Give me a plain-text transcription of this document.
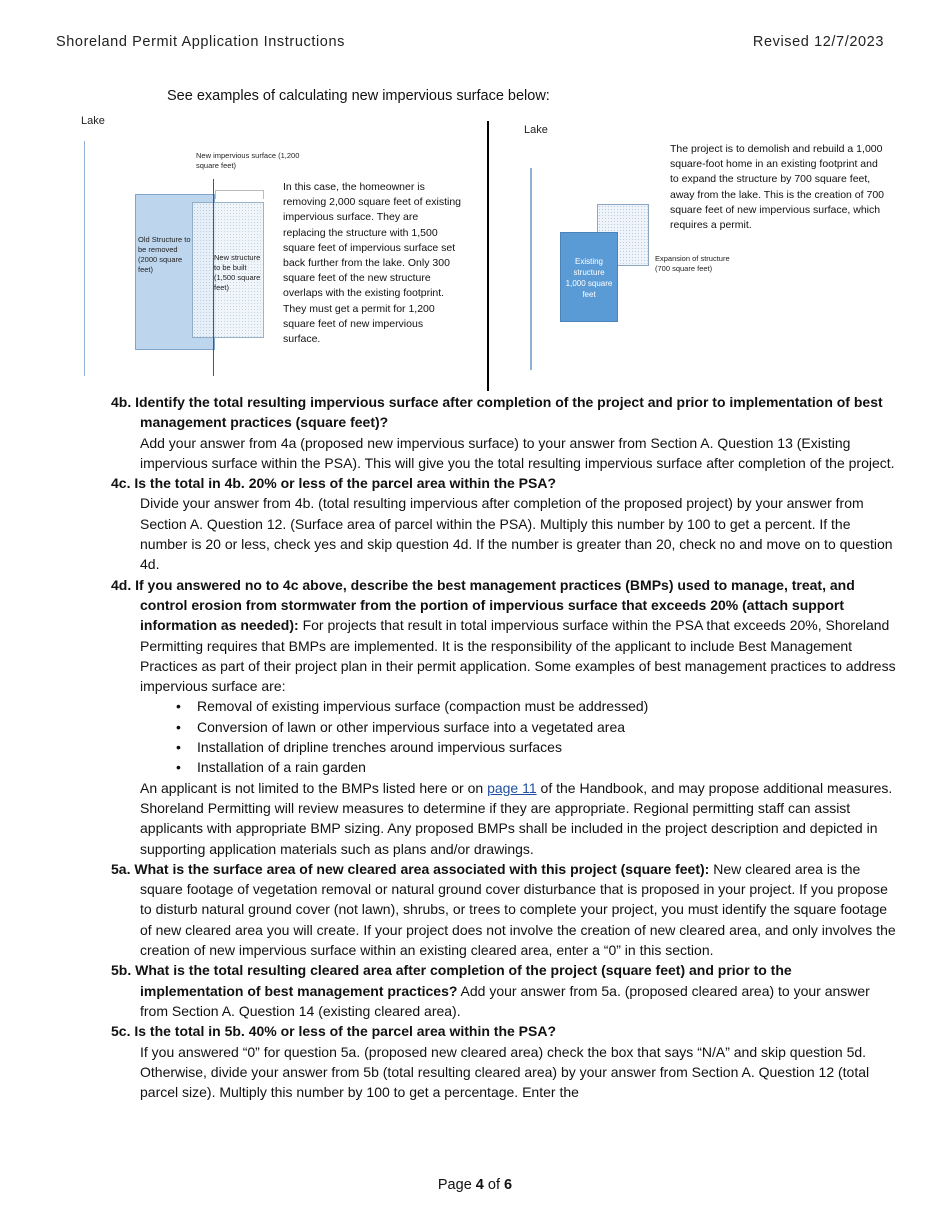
Shoreland Permit Application Instructions	Revised 12/7/2023
See examples of calculating new impervious surface below:
Lake
New impervious surface (1,200 square feet)
Old Structure to be removed (2000 square feet)
New structure to be built (1,500 square feet)
In this case, the homeowner is removing 2,000 square feet of existing impervious surface. They are replacing the structure with 1,500 square feet of impervious surface set back further from the lake. Only 300 square feet of the new structure overlaps with the existing footprint. They must get a permit for 1,200 square feet of new impervious surface.
Lake
Existing structure 1,000 square feet
Expansion of structure (700 square feet)
The project is to demolish and rebuild a 1,000 square-foot home in an existing footprint and to expand the structure by 700 square feet, away from the lake. This is the creation of 700 square feet of new impervious surface, which requires a permit.

4b. Identify the total resulting impervious surface after completion of the project and prior to implementation of best management practices (square feet)?
Add your answer from 4a (proposed new impervious surface) to your answer from Section A. Question 13 (Existing impervious surface within the PSA). This will give you the total resulting impervious surface after completion of the project.

4c. Is the total in 4b. 20% or less of the parcel area within the PSA?
Divide your answer from 4b. (total resulting impervious after completion of the proposed project) by your answer from Section A. Question 12. (Surface area of parcel within the PSA). Multiply this number by 100 to get a percent. If the number is 20 or less, check yes and skip question 4d. If the number is greater than 20, check no and move on to question 4d.

4d. If you answered no to 4c above, describe the best management practices (BMPs) used to manage, treat, and control erosion from stormwater from the portion of impervious surface that exceeds 20% (attach support information as needed): For projects that result in total impervious surface within the PSA that exceeds 20%, Shoreland Permitting requires that BMPs are implemented. It is the responsibility of the applicant to include Best Management Practices as part of their project plan in their permit application. Some examples of best management practices to address impervious surface are:
• Removal of existing impervious surface (compaction must be addressed)
• Conversion of lawn or other impervious surface into a vegetated area
• Installation of dripline trenches around impervious surfaces
• Installation of a rain garden
An applicant is not limited to the BMPs listed here or on page 11 of the Handbook, and may propose additional measures. Shoreland Permitting will review measures to determine if they are appropriate. Regional permitting staff can assist applicants with appropriate BMP sizing. Any proposed BMPs shall be included in the project description and depicted in supporting application materials such as plans and/or drawings.

5a. What is the surface area of new cleared area associated with this project (square feet): New cleared area is the square footage of vegetation removal or natural ground cover disturbance that is proposed in your project. If you propose to disturb natural ground cover (not lawn), shrubs, or trees to complete your project, you must identify the square footage of new cleared area you will create. If your project does not involve the creation of new cleared area, and only involves the creation of new impervious surface within an existing cleared area, enter a “0” in this section.

5b. What is the total resulting cleared area after completion of the project (square feet) and prior to the implementation of best management practices? Add your answer from 5a. (proposed cleared area) to your answer from Section A. Question 14 (existing cleared area).

5c. Is the total in 5b. 40% or less of the parcel area within the PSA?
If you answered “0” for question 5a. (proposed new cleared area) check the box that says “N/A” and skip question 5d. Otherwise, divide your answer from 5b (total resulting cleared area) by your answer from Section A. Question 12 (total parcel size). Multiply this number by 100 to get a percentage. Enter the

Page 4 of 6
